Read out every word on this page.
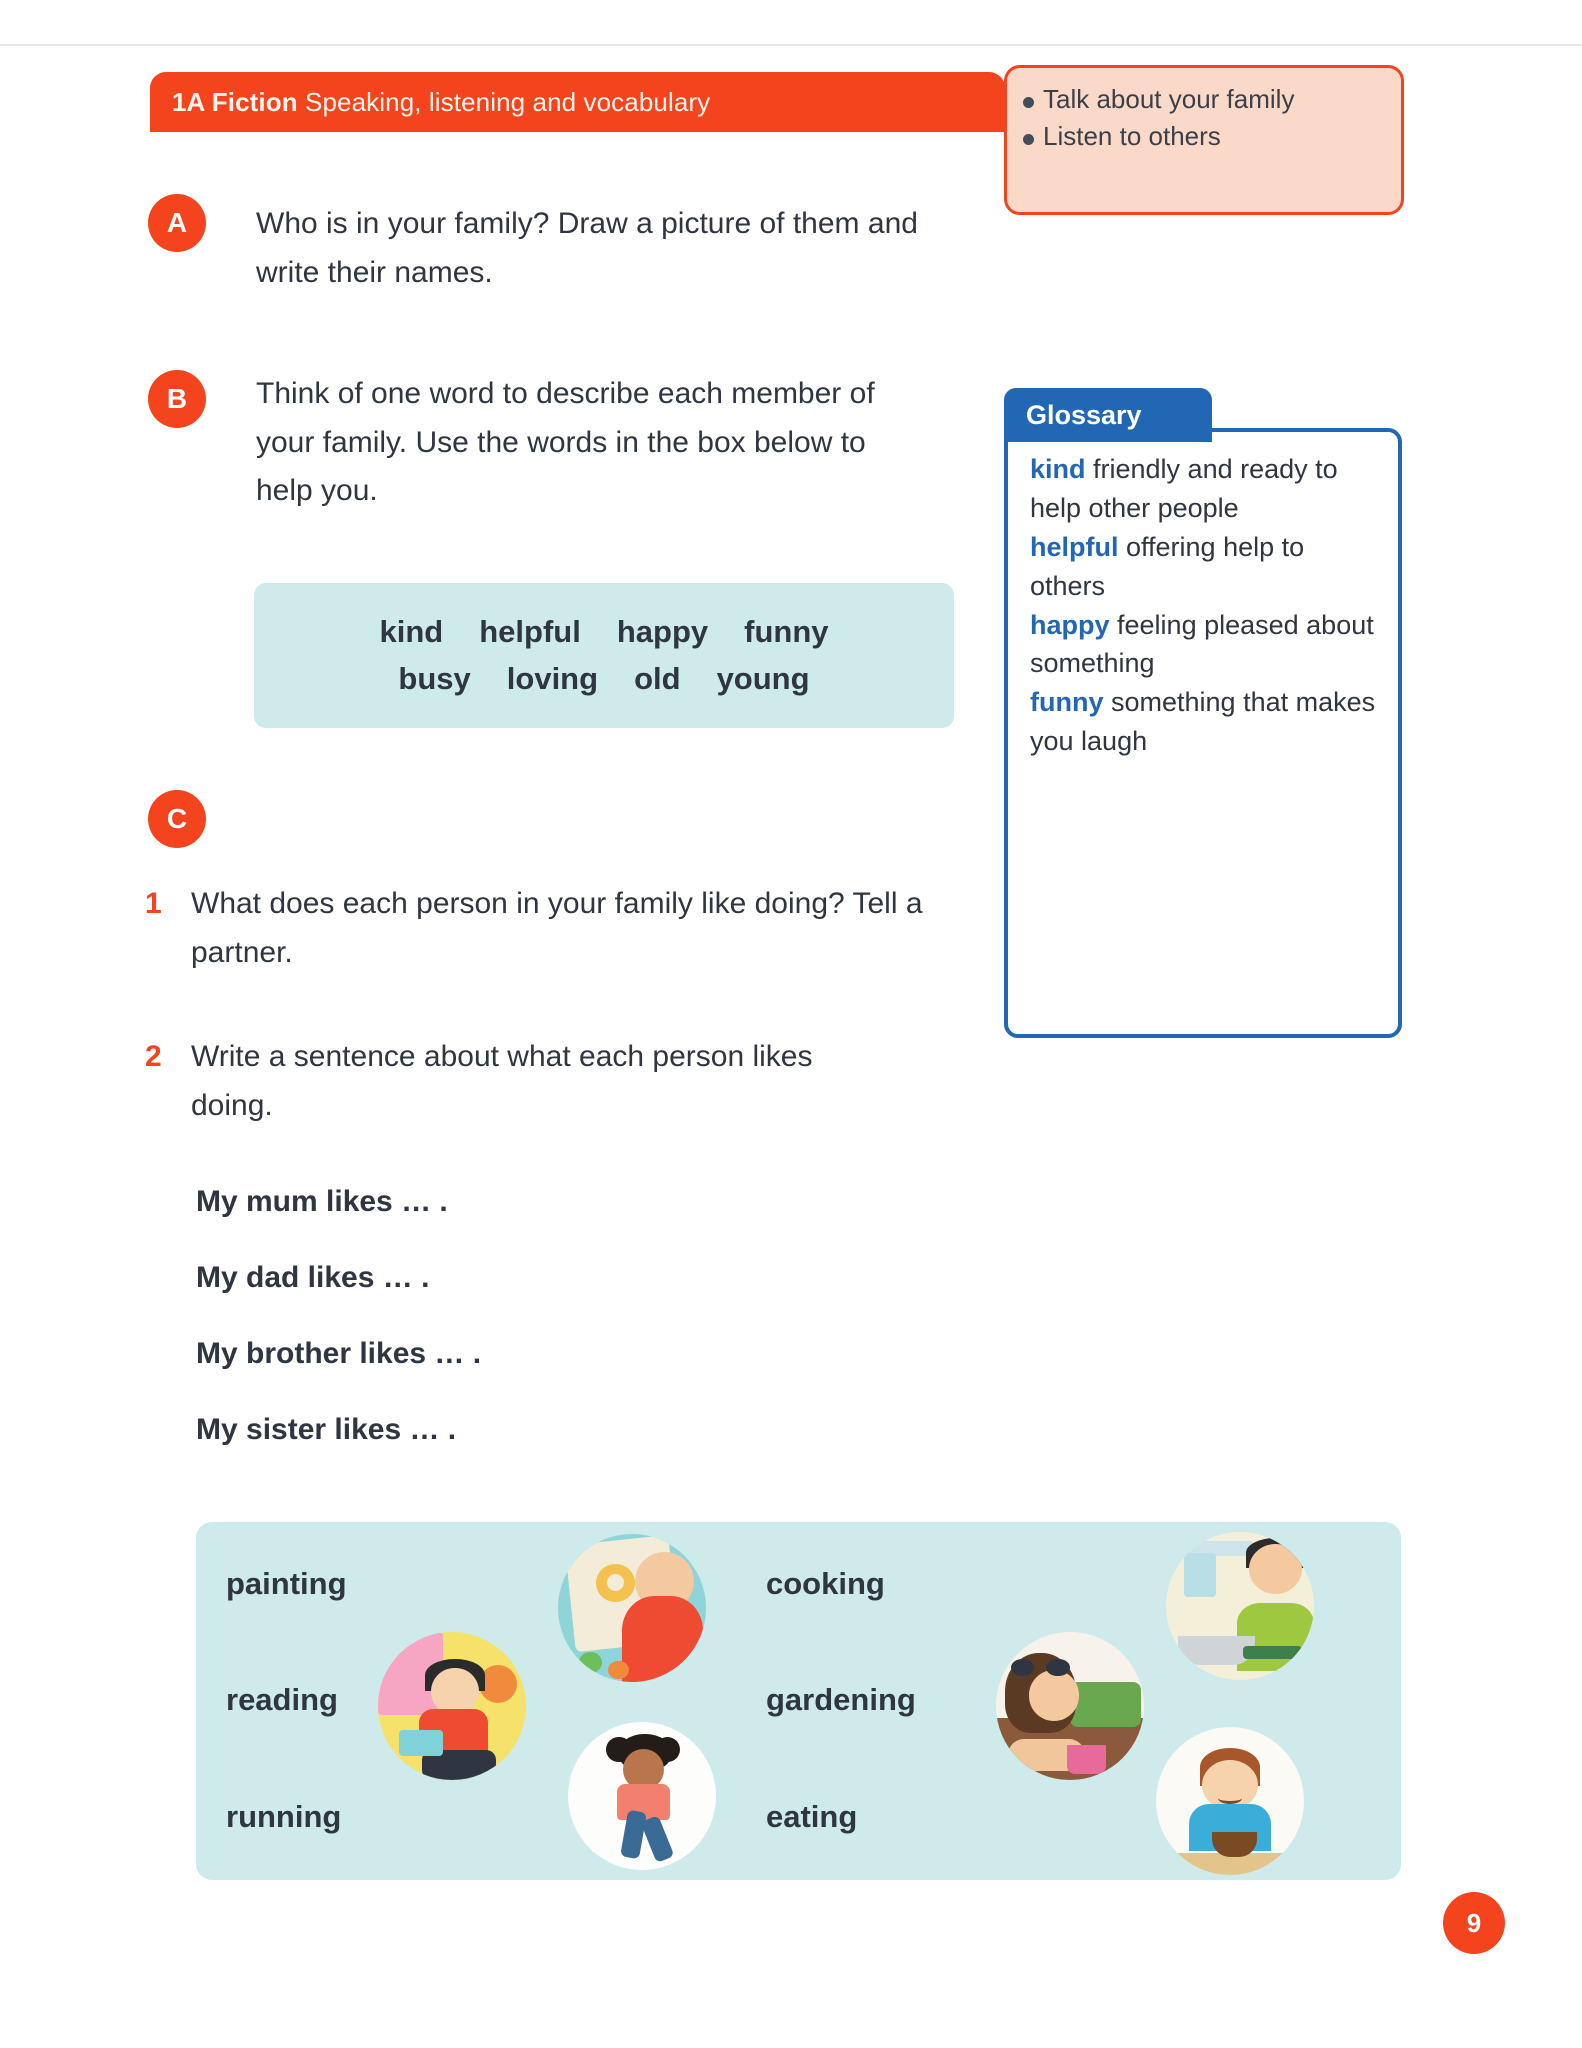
1A Fiction Speaking, listening and vocabulary	Talk about your family
Listen to others
A	Who is in your family? Draw a picture of them and write their names.
B	Think of one word to describe each member of your family. Use the words in the box below to help you.
kind helpful happy funny
busy loving old young
Glossary
kind friendly and ready to help other people
helpful offering help to others
happy feeling pleased about something
funny something that makes you laugh
C
1 What does each person in your family like doing? Tell a partner.
2 Write a sentence about what each person likes doing.
My mum likes … .
My dad likes … .
My brother likes … .
My sister likes … .
painting
reading
running
cooking
gardening
eating
9
